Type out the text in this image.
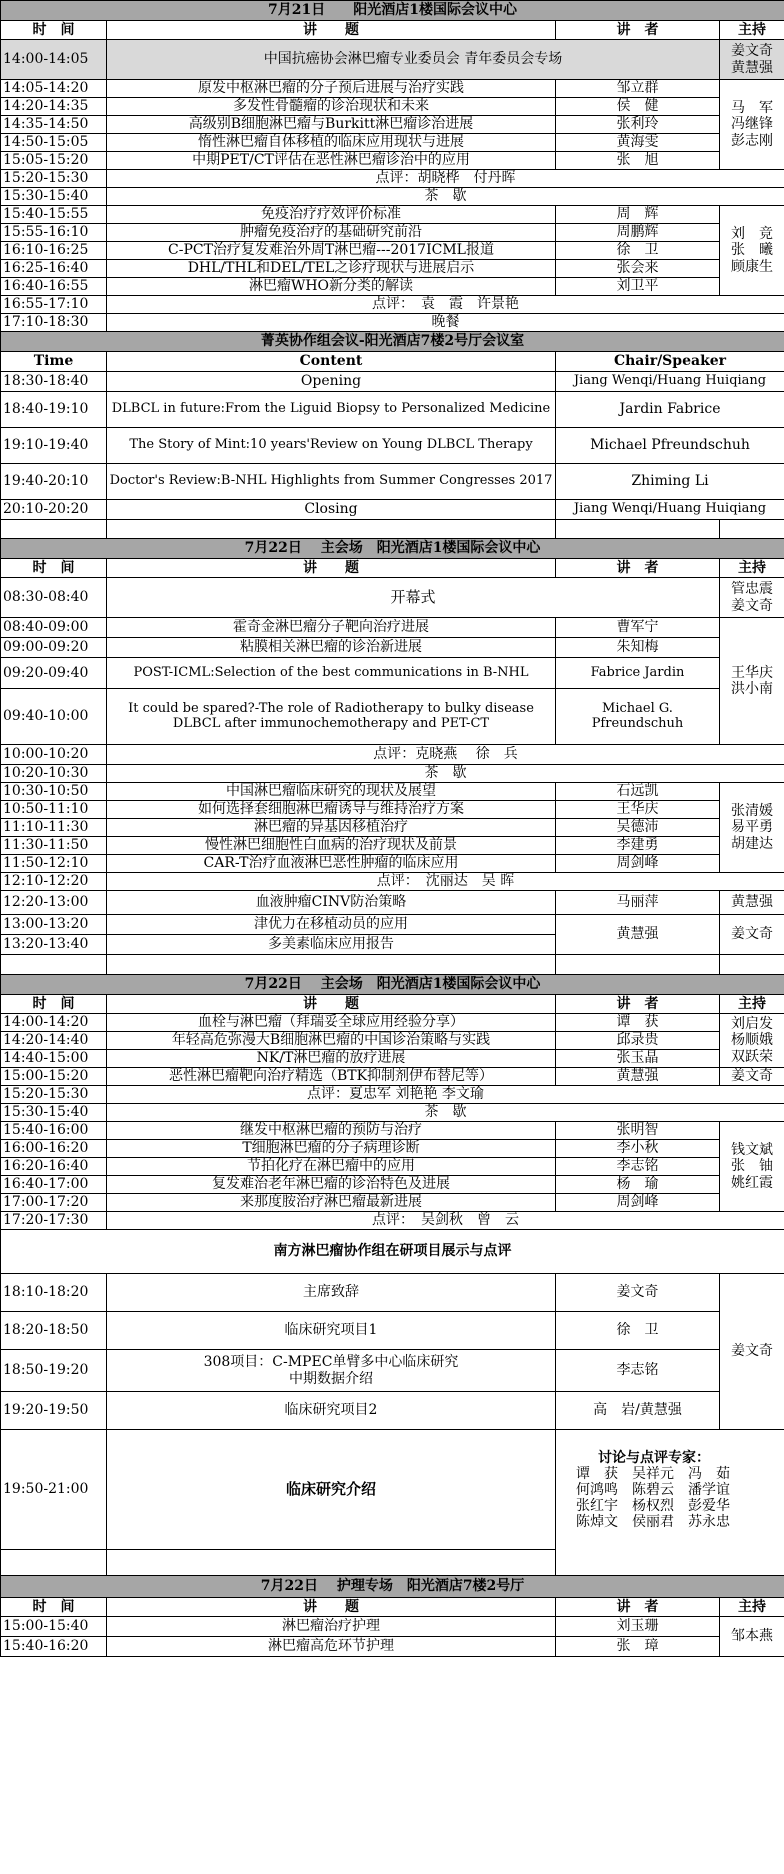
7月21日　　阳光酒店1楼国际会议中心			
时　间	讲　　题	讲　者	主持
14:00-14:05	中国抗癌协会淋巴瘤专业委员会 青年委员会专场		姜文奇
黄慧强
14:05-14:20	原发中枢淋巴瘤的分子预后进展与治疗实践	邹立群	马　军
冯继锋
彭志刚
14:20-14:35	多发性骨髓瘤的诊治现状和未来	侯　健	
14:35-14:50	高级别B细胞淋巴瘤与Burkitt淋巴瘤诊治进展	张利玲	
14:50-15:05	惰性淋巴瘤自体移植的临床应用现状与进展	黄海雯	
15:05-15:20	中期PET/CT评估在恶性淋巴瘤诊治中的应用	张　旭	
15:20-15:30	点评：胡晓桦　付丹晖		
15:30-15:40	茶　歇		
15:40-15:55	免疫治疗疗效评价标准	周　辉	刘　竞
张　曦
顾康生
15:55-16:10	肿瘤免疫治疗的基础研究前沿	周鹏辉	
16:10-16:25	C-PCT治疗复发难治外周T淋巴瘤---2017ICML报道	徐　卫	
16:25-16:40	DHL/THL和DEL/TEL之诊疗现状与进展启示	张会来	
16:40-16:55	淋巴瘤WHO新分类的解读	刘卫平	
16:55-17:10	点评：　袁　霞　许景艳		
17:10-18:30	晚餐		
菁英协作组会议-阳光酒店7楼2号厅会议室			
Time	Content	Chair/Speaker	
18:30-18:40	Opening	Jiang Wenqi/Huang Huiqiang	
18:40-19:10	DLBCL in future:From the Liguid Biopsy to Personalized Medicine	Jardin Fabrice	
19:10-19:40	The Story of Mint:10 years'Review on Young DLBCL Therapy	Michael Pfreundschuh	
19:40-20:10	Doctor's Review:B-NHL Highlights from Summer Congresses 2017	Zhiming Li	
20:10-20:20	Closing	Jiang Wenqi/Huang Huiqiang	

7月22日　 主会场　阳光酒店1楼国际会议中心			
时　间	讲　　题	讲　者	主持
08:30-08:40	开幕式		管忠震
姜文奇
08:40-09:00	霍奇金淋巴瘤分子靶向治疗进展	曹军宁	王华庆
洪小南
09:00-09:20	粘膜相关淋巴瘤的诊治新进展	朱知梅	
09:20-09:40	POST-ICML:Selection of the best communications in B-NHL	Fabrice Jardin	
09:40-10:00	It could be spared?-The role of Radiotherapy to bulky disease DLBCL after immunochemotherapy and PET-CT	Michael G. Pfreundschuh	
10:00-10:20	点评：克晓燕　 徐　兵		
10:20-10:30	茶　歇		
10:30-10:50	中国淋巴瘤临床研究的现状及展望	石远凯	张清媛
易平勇
胡建达
10:50-11:10	如何选择套细胞淋巴瘤诱导与维持治疗方案	王华庆	
11:10-11:30	淋巴瘤的异基因移植治疗	吴德沛	
11:30-11:50	慢性淋巴细胞性白血病的治疗现状及前景	李建勇	
11:50-12:10	CAR-T治疗血液淋巴恶性肿瘤的临床应用	周剑峰	
12:10-12:20	点评：　沈丽达　吴 晖		
12:20-13:00	血液肿瘤CINV防治策略	马丽萍	黄慧强
13:00-13:20	津优力在移植动员的应用	黄慧强	姜文奇
13:20-13:40	多美素临床应用报告		

7月22日　 主会场　阳光酒店1楼国际会议中心			
时　间	讲　　题	讲　者	主持
14:00-14:20	血栓与淋巴瘤（拜瑞妥全球应用经验分享）	谭　获	刘启发
杨顺娥
双跃荣
14:20-14:40	年轻高危弥漫大B细胞淋巴瘤的中国诊治策略与实践	邱录贵	
14:40-15:00	NK/T淋巴瘤的放疗进展	张玉晶	
15:00-15:20	恶性淋巴瘤靶向治疗精选（BTK抑制剂伊布替尼等）	黄慧强	姜文奇
15:20-15:30	点评：夏忠军 刘艳艳 李文瑜		
15:30-15:40	茶　歇		
15:40-16:00	继发中枢淋巴瘤的预防与治疗	张明智	钱文斌
张　铀
姚红霞
16:00-16:20	T细胞淋巴瘤的分子病理诊断	李小秋	
16:20-16:40	节拍化疗在淋巴瘤中的应用	李志铭	
16:40-17:00	复发难治老年淋巴瘤的诊治特色及进展	杨　瑜	
17:00-17:20	来那度胺治疗淋巴瘤最新进展	周剑峰	
17:20-17:30	点评：　吴剑秋　曾　云		
南方淋巴瘤协作组在研项目展示与点评			
18:10-18:20	主席致辞	姜文奇	姜文奇
18:20-18:50	临床研究项目1	徐　卫	
18:50-19:20	308项目：C-MPEC单臂多中心临床研究
中期数据介绍	李志铭	
19:20-19:50	临床研究项目2	高　岩/黄慧强	
19:50-21:00	临床研究介绍	讨论与点评专家：
谭　获　吴祥元　冯　茹
何鸿鸣　陈碧云　潘学谊
张红宇　杨权烈　彭爱华
陈焯文　侯丽君　苏永忠	

7月22日　 护理专场　阳光酒店7楼2号厅			
时　间	讲　　题	讲　者	主持
15:00-15:40	淋巴瘤治疗护理	刘玉珊	邹本燕
15:40-16:20	淋巴瘤高危环节护理	张　璋	
